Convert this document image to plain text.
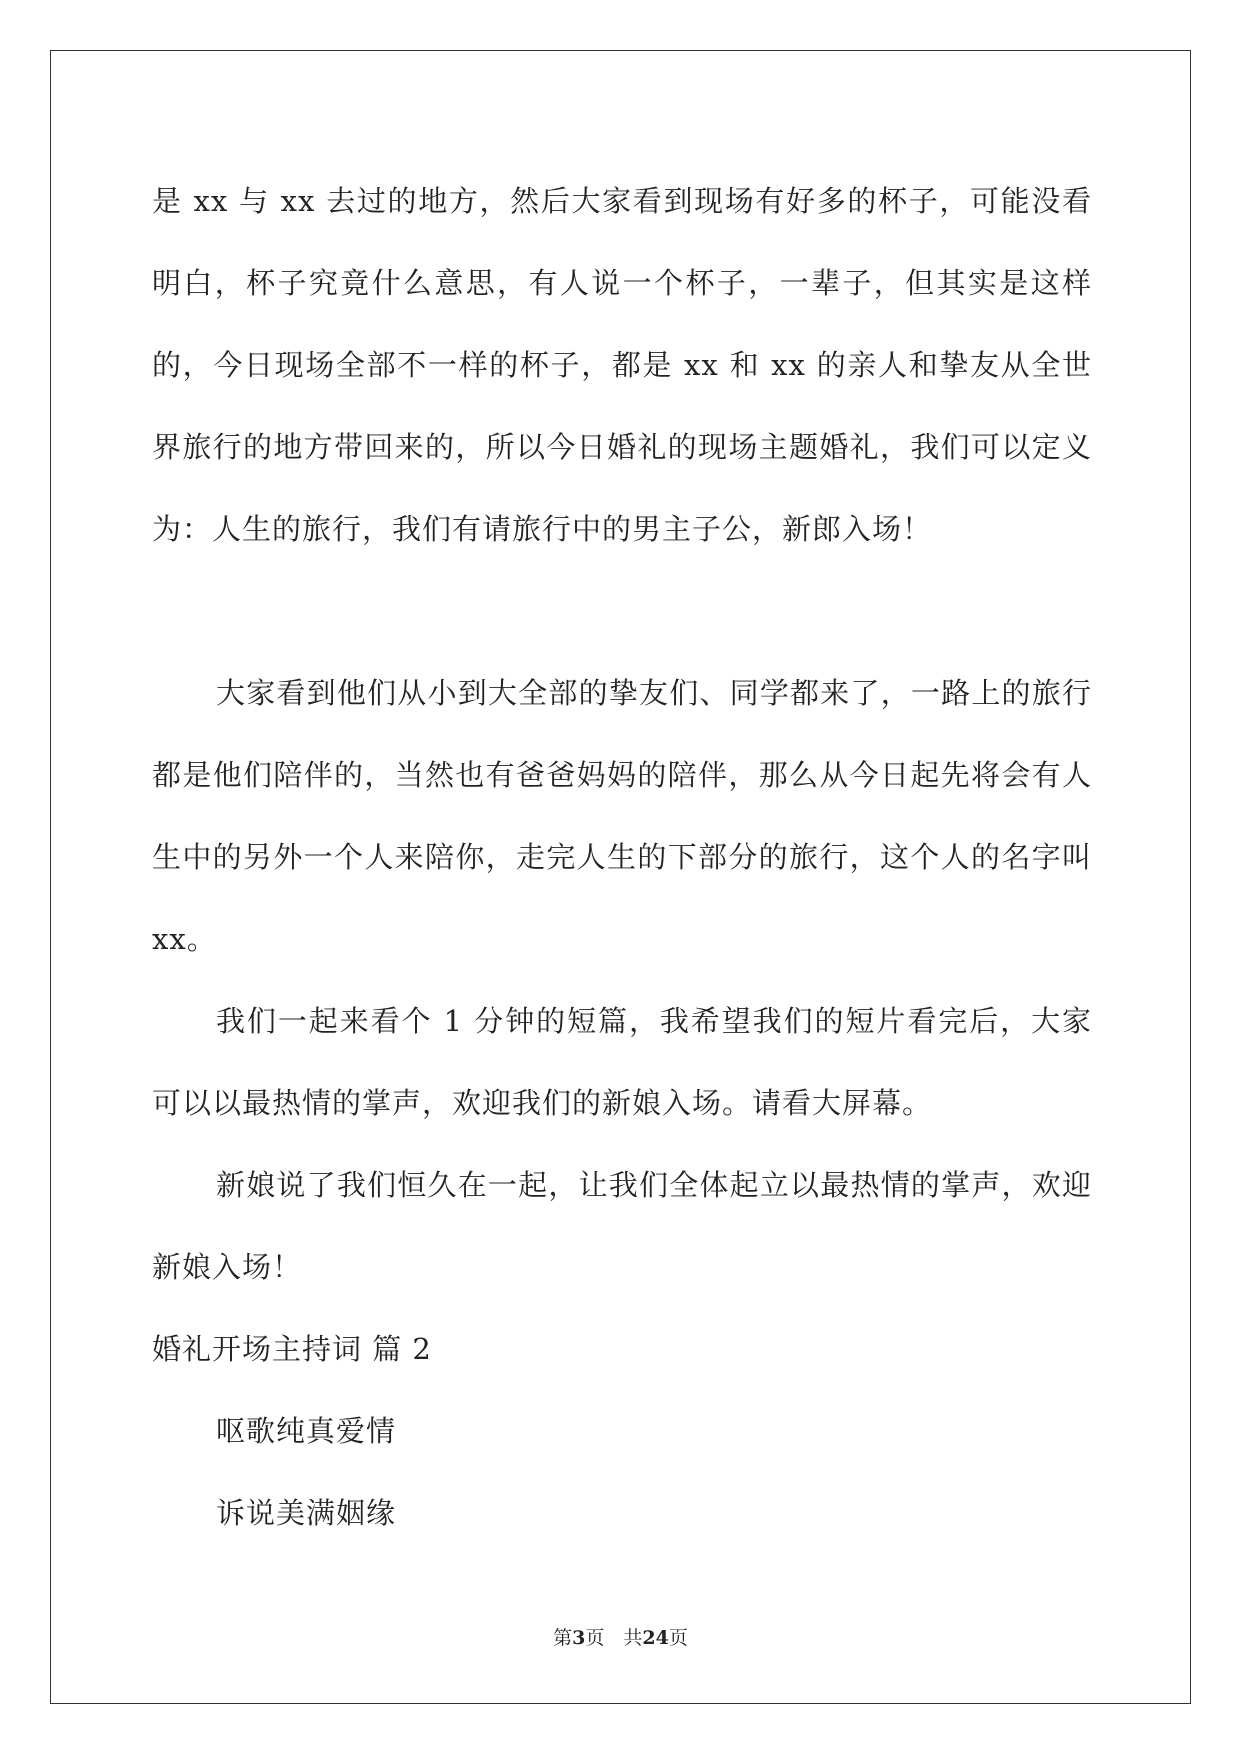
是 xx 与 xx 去过的地方，然后大家看到现场有好多的杯子，可能没看明白，杯子究竟什么意思，有人说一个杯子，一辈子，但其实是这样的，今日现场全部不一样的杯子，都是 xx 和 xx 的亲人和挚友从全世界旅行的地方带回来的，所以今日婚礼的现场主题婚礼，我们可以定义为：人生的旅行，我们有请旅行中的男主子公，新郎入场！

大家看到他们从小到大全部的挚友们、同学都来了，一路上的旅行都是他们陪伴的，当然也有爸爸妈妈的陪伴，那么从今日起先将会有人生中的另外一个人来陪你，走完人生的下部分的旅行，这个人的名字叫 xx。

我们一起来看个 1 分钟的短篇，我希望我们的短片看完后，大家可以以最热情的掌声，欢迎我们的新娘入场。请看大屏幕。

新娘说了我们恒久在一起，让我们全体起立以最热情的掌声，欢迎新娘入场！

婚礼开场主持词 篇 2

呕歌纯真爱情

诉说美满姻缘

第3页　共24页
